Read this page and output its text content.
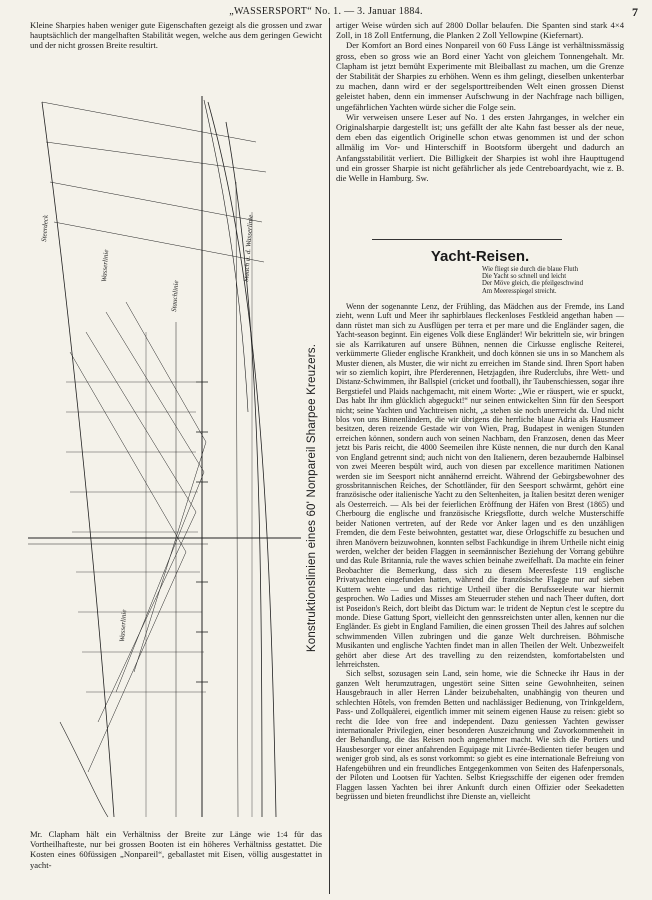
„WASSERSPORT“ No. 1. — 3. Januar 1884.	7
Kleine Sharpies haben weniger gute Eigenschaften gezeigt als die grossen und zwar hauptsächlich der mangelhaften Stabilität wegen, welche aus dem geringen Gewicht und der nicht grossen Breite resultirt.
Steerdeck
Wasserlinie
Stauchlinie
Stauch u. d. Wasserlinie
Wasserlinie	Konstruktionslinien eines 60' Nonpareil Sharpee Kreuzers.
Mr. Clapham hält ein Verhältniss der Breite zur Länge wie 1:4 für das Vortheilhafteste, nur bei grossen Booten ist ein höheres Verhältniss gestattet. Die Kosten eines 60füssigen „Nonpareil“, geballastet mit Eisen, völlig ausgestattet in yacht-

artiger Weise würden sich auf 2800 Dollar belaufen. Die Spanten sind stark 4×4 Zoll, in 18 Zoll Entfernung, die Planken 2 Zoll Yellowpine (Kiefernart).

Der Komfort an Bord eines Nonpareil von 60 Fuss Länge ist verhältnissmässig gross, eben so gross wie an Bord einer Yacht von gleichem Tonnengehalt. Mr. Clapham ist jetzt bemüht Experimente mit Bleiballast zu machen, um die Grenze der Stabilität der Sharpies zu erhöhen. Wenn es ihm gelingt, dieselben unkenterbar zu machen, dann wird er der segelsporttreibenden Welt einen grossen Dienst geleistet haben, denn ein immenser Aufschwung in der Nachfrage nach billigen, ungefährlichen Yachten würde sicher die Folge sein.

Wir verweisen unsere Leser auf No. 1 des ersten Jahrganges, in welcher ein Originalsharpie dargestellt ist; uns gefällt der alte Kahn fast besser als der neue, dem eben das eigentlich Originelle schon etwas genommen ist und der schon allmälig im Vor- und Hinterschiff in Bootsform übergeht und dadurch an Anfangsstabilität verliert. Die Billigkeit der Sharpies ist wohl ihre Haupttugend und ein grosser Sharpie ist nicht gefährlicher als jede Centreboardyacht, wie z. B. die Welle in Hamburg. Sw.

Yacht-Reisen.
Wie fliegt sie durch die blaue Fluth
Die Yacht so schnell und leicht
Der Möve gleich, die pfeilgeschwind
Am Meeresspiegel streicht.

Wenn der sogenannte Lenz, der Frühling, das Mädchen aus der Fremde, ins Land zieht, wenn Luft und Meer ihr saphirblaues fleckenloses Festkleid angethan haben — dann rüstet man sich zu Ausflügen per terra et per mare und die Engländer sagen, die Yacht-season beginnt. Ein eigenes Volk diese Engländer! Wir bekritteln sie, wir bringen sie als Karrikaturen auf unsere Bühnen, nennen die Cirkusse englische Reiterei, verkümmerte Glieder englische Krankheit, und doch können sie uns in so Manchem als Muster dienen, als Muster, die wir nicht zu erreichen im Stande sind. Ihren Sport haben wir so ziemlich kopirt, ihre Pferderennen, Hetzjagden, ihre Ruderclubs, ihre Wett- und Distanz-Schwimmen, ihr Ballspiel (cricket und football), ihr Taubenschiessen, sogar ihre Bergstiefel und Plaids nachgemacht, mit einem Worte: „Wie er räuspert, wie er spuckt, Das habt Ihr ihm glücklich abgeguckt!“ nur seinen entwickelten Sinn für den Seesport nicht; seine Yachten und Yachtreisen nicht, „a stehen sie noch unerreicht da. Und nicht blos von uns Binnenländern, die wir übrigens die herrliche blaue Adria als Hausmeer besitzen, deren reizende Gestade wir von Wien, Prag, Budapest in wenigen Stunden erreichen können, sondern auch von seinen Nachbarn, den Franzosen, denen das Meer jetzt bis Paris reicht, die 4000 Seemeilen ihre Küste nennen, die nur durch den Kanal von England getrennt sind; auch nicht von den Italienern, deren bezaubernde Halbinsel von zwei Meeren bespült wird, auch von diesen par excellence maritimen Nationen werden sie im Seesport nicht annähernd erreicht. Während der Gebirgsbewohner des grossbritannischen Reiches, der Schottländer, für den Seesport schwärmt, gehört eine französische oder italienische Yacht zu den Seltenheiten, ja Italien besitzt deren weniger als Oesterreich. — Als bei der feierlichen Eröffnung der Häfen von Brest (1865) und Cherbourg die englische und französische Kriegsflotte, durch welche Musterschiffe beider Nationen vertreten, auf der Rede vor Anker lagen und es den unzähligen Fremden, die dem Feste beiwohnten, gestattet war, diese Orlogschiffe zu besuchen und ihren Manövern beizuwohnen, konnten selbst Fachkundige in ihrem Urtheile nicht einig werden, welcher der beiden Flaggen in seemännischer Beziehung der Vorrang gebühre und das Rule Britannia, rule the waves schien beinahe zweifelhaft. Da machte ein feiner Beobachter die Bemerkung, dass sich zu diesem Meeresfeste 119 englische Privatyachten eingefunden hatten, während die französische Flagge nur auf sieben Kuttern wehte — und das richtige Urtheil über die Berufsseeleute war hiermit gesprochen. Wo Ladies und Misses am Steuerruder stehen und nach Theer duften, dort ist Poseidon's Reich, dort bleibt das Dictum war: le trident de Neptun c'est le sceptre du monde. Diese Gattung Sport, vielleicht den gennssreichsten unter allen, kennen nur die Engländer. Es giebt in England Familien, die einen grossen Theil des Jahres auf solchen schwimmenden Villen zubringen und die ganze Welt durchreisen. Böhmische Musikanten und englische Yachten findet man in allen Theilen der Welt. Unbezweifelt gehört aber diese Art des travelling zu den reizendsten, komfortabelsten und lehrreichsten.

Sich selbst, sozusagen sein Land, sein home, wie die Schnecke ihr Haus in der ganzen Welt herumzutragen, ungestört seine Sitten seine Gewohnheiten, seinen Hausgebrauch in aller Herren Länder beizubehalten, unabhängig von theuren und schlechten Hôtels, von fremden Betten und nachlässiger Bedienung, von Trinkgeldern, Pass- und Zollquälerei, eigentlich immer mit seinem eigenen Hause zu reisen: giebt so recht die Idee von free and independent. Dazu geniessen Yachten gewisser internationaler Privilegien, einer besonderen Auszeichnung und Zuvorkommenheit in der Behandlung, die das Reisen noch angenehmer macht. Wie sich die Portiers und Hausbesorger vor einer anfahrenden Equipage mit Livrée-Bedienten tiefer beugen und weniger grob sind, als es sonst vorkommt: so giebt es eine internationale Befreiung von Hafengebühren und ein freundliches Entgegenkommen von Seiten des Hafenpersonals, der Piloten und Lootsen für Yachten. Selbst Kriegsschiffe der eigenen oder fremden Flaggen lassen Yachten bei ihrer Ankunft durch einen Offizier oder Seekadetten begrüssen und bieten freundlichst ihre Dienste an, vielleicht
